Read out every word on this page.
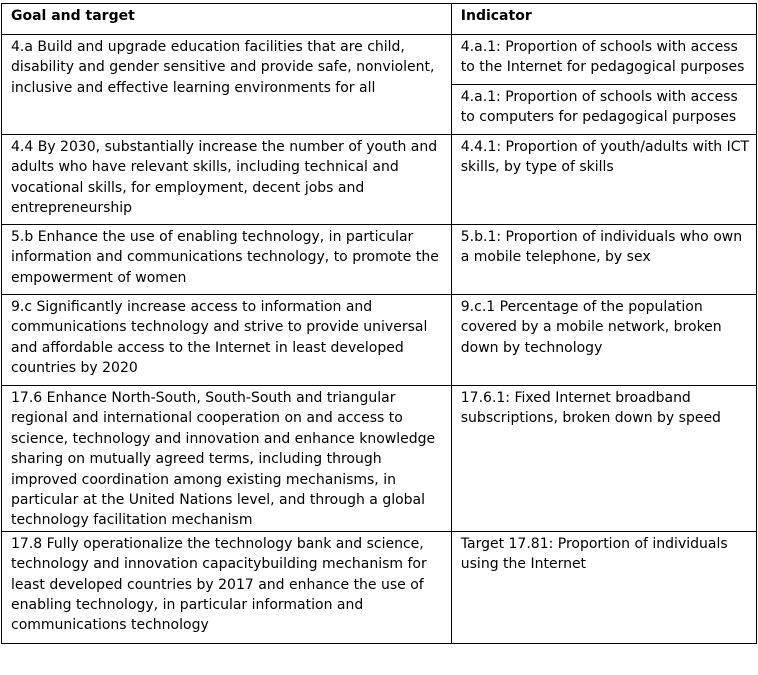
Goal and target	Indicator
4.a Build and upgrade education facilities that are child, disability and gender sensitive and provide safe, nonviolent, inclusive and effective learning environments for all	4.a.1: Proportion of schools with access to the Internet for pedagogical purposes
	4.a.1: Proportion of schools with access to computers for pedagogical purposes
4.4 By 2030, substantially increase the number of youth and adults who have relevant skills, including technical and vocational skills, for employment, decent jobs and entrepreneurship	4.4.1: Proportion of youth/adults with ICT skills, by type of skills
5.b Enhance the use of enabling technology, in particular information and communications technology, to promote the empowerment of women	5.b.1: Proportion of individuals who own a mobile telephone, by sex
9.c Significantly increase access to information and communications technology and strive to provide universal and affordable access to the Internet in least developed countries by 2020	9.c.1 Percentage of the population covered by a mobile network, broken down by technology
17.6 Enhance North-South, South-South and triangular regional and international cooperation on and access to science, technology and innovation and enhance knowledge sharing on mutually agreed terms, including through improved coordination among existing mechanisms, in particular at the United Nations level, and through a global technology facilitation mechanism	17.6.1: Fixed Internet broadband subscriptions, broken down by speed
17.8 Fully operationalize the technology bank and science, technology and innovation capacitybuilding mechanism for least developed countries by 2017 and enhance the use of enabling technology, in particular information and communications technology	Target 17.81: Proportion of individuals using the Internet
